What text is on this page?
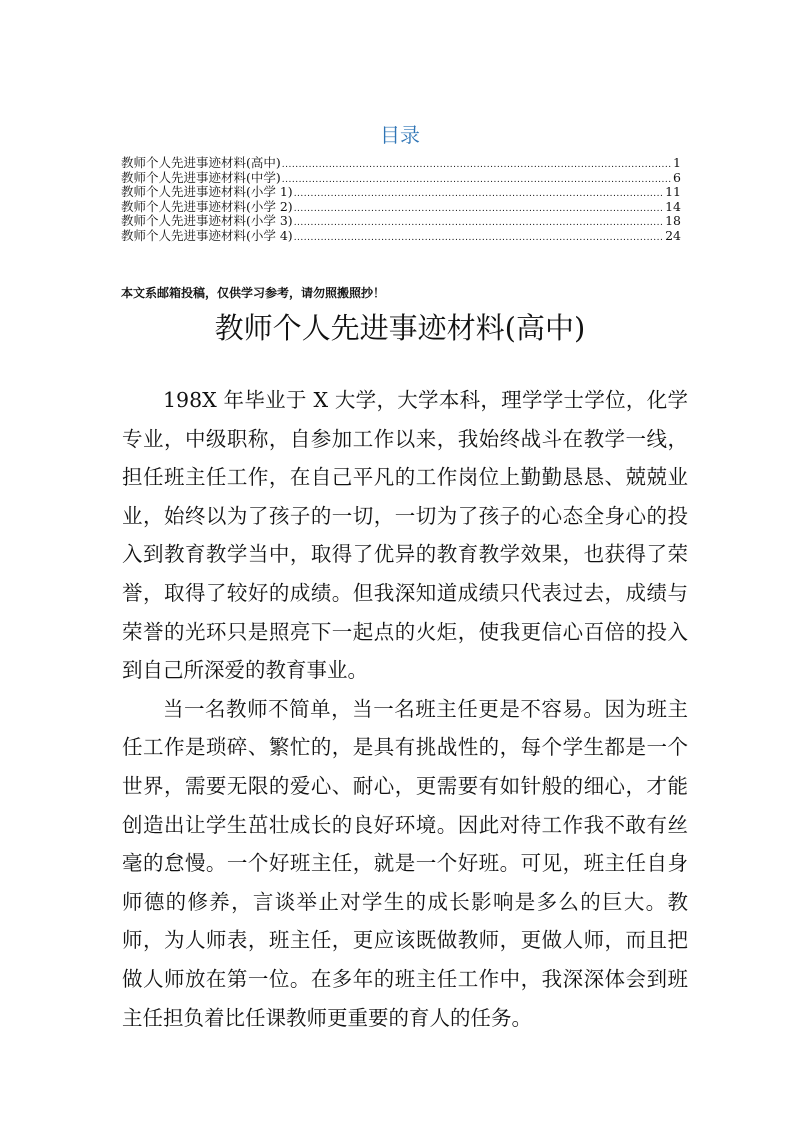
目录
教师个人先进事迹材料(高中) .....	1
教师个人先进事迹材料(中学) .....	6
教师个人先进事迹材料(小学 1) .....	11
教师个人先进事迹材料(小学 2) .....	14
教师个人先进事迹材料(小学 3) .....	18
教师个人先进事迹材料(小学 4) .....	24
本文系邮箱投稿，仅供学习参考，请勿照搬照抄！
教师个人先进事迹材料(高中)

198X 年毕业于 X 大学，大学本科，理学学士学位，化学专业，中级职称，自参加工作以来，我始终战斗在教学一线，担任班主任工作，在自己平凡的工作岗位上勤勤恳恳、兢兢业业，始终以为了孩子的一切，一切为了孩子的心态全身心的投入到教育教学当中，取得了优异的教育教学效果，也获得了荣誉，取得了较好的成绩。但我深知道成绩只代表过去，成绩与荣誉的光环只是照亮下一起点的火炬，使我更信心百倍的投入到自己所深爱的教育事业。

当一名教师不简单，当一名班主任更是不容易。因为班主任工作是琐碎、繁忙的，是具有挑战性的，每个学生都是一个世界，需要无限的爱心、耐心，更需要有如针般的细心，才能创造出让学生茁壮成长的良好环境。因此对待工作我不敢有丝毫的怠慢。一个好班主任，就是一个好班。可见，班主任自身师德的修养，言谈举止对学生的成长影响是多么的巨大。教师，为人师表，班主任，更应该既做教师，更做人师，而且把做人师放在第一位。在多年的班主任工作中，我深深体会到班主任担负着比任课教师更重要的育人的任务。
